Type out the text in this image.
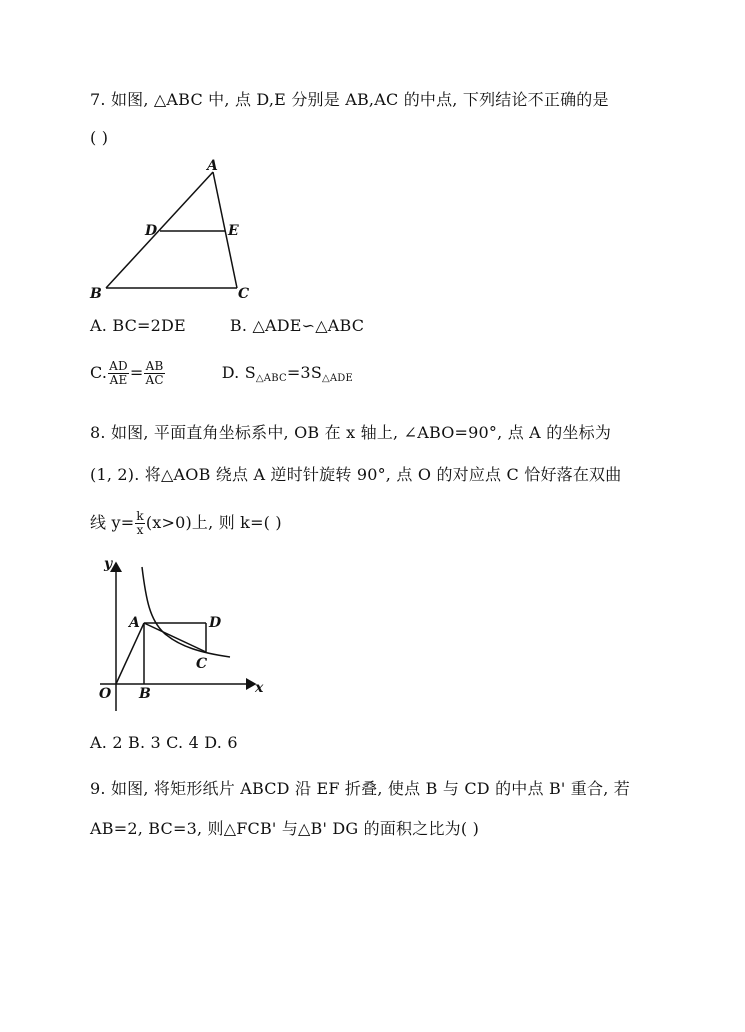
7. 如图, △ABC 中, 点 D,E 分别是 AB,AC 的中点, 下列结论不正确的是
( )
A
D	E
B	C
A. BC=2DE	B. △ADE∽△ABC
C. $\frac{AD}{AE} = \frac{AB}{AC}$	D. $S_{\triangle ABC}=3S_{\triangle ADE}$
8. 如图, 平面直角坐标系中, OB 在 x 轴上, ∠ABO=90°, 点 A 的坐标为
(1, 2). 将△AOB 绕点 A 逆时针旋转 90°, 点 O 的对应点 C 恰好落在双曲
线 $y= \frac{k}{x} (x>0)$上, 则 k=( )
y
x
O B
A	D
C
A. 2 B. 3 C. 4 D. 6
9. 如图, 将矩形纸片 ABCD 沿 EF 折叠, 使点 B 与 CD 的中点 B' 重合, 若
AB=2, BC=3, 则△FCB' 与△B' DG 的面积之比为( )
